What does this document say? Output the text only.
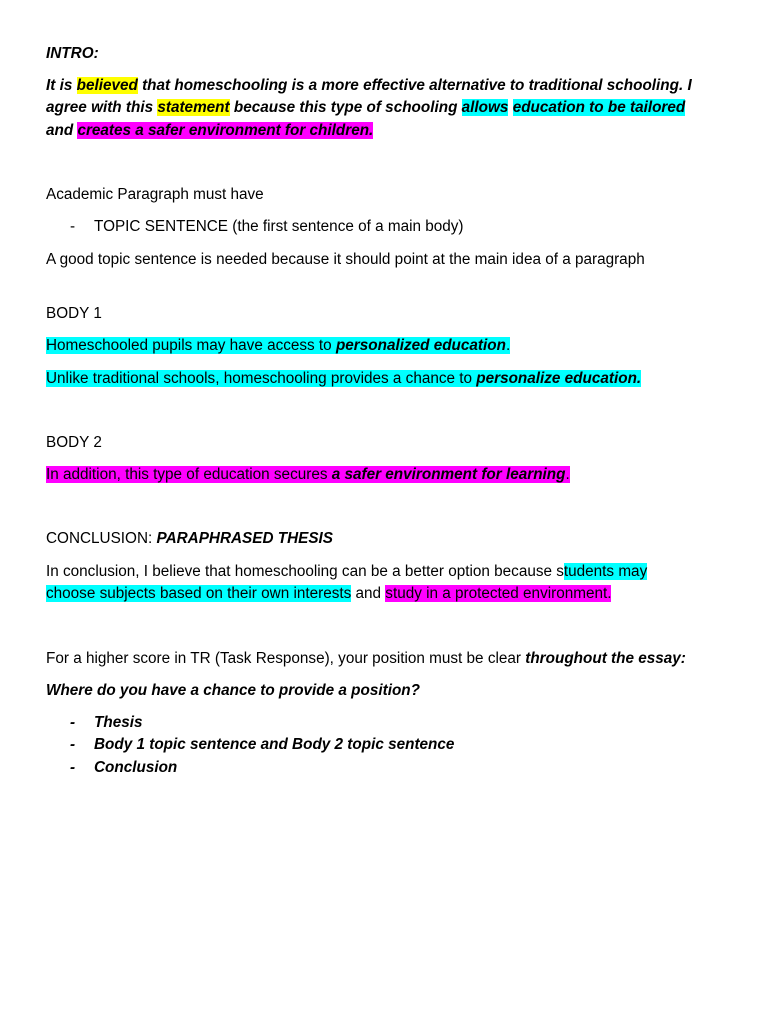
INTRO:
It is believed that homeschooling is a more effective alternative to traditional schooling. I
agree with this statement because this type of schooling allows education to be tailored
and creates a safer environment for children.
Academic Paragraph must have
- TOPIC SENTENCE (the first sentence of a main body)
A good topic sentence is needed because it should point at the main idea of a paragraph
BODY 1
Homeschooled pupils may have access to personalized education.
Unlike traditional schools, homeschooling provides a chance to personalize education.
BODY 2
In addition, this type of education secures a safer environment for learning.
CONCLUSION: PARAPHRASED THESIS
In conclusion, I believe that homeschooling can be a better option because students may
choose subjects based on their own interests and study in a protected environment.
For a higher score in TR (Task Response), your position must be clear throughout the essay:
Where do you have a chance to provide a position?
- Thesis
- Body 1 topic sentence and Body 2 topic sentence
- Conclusion
